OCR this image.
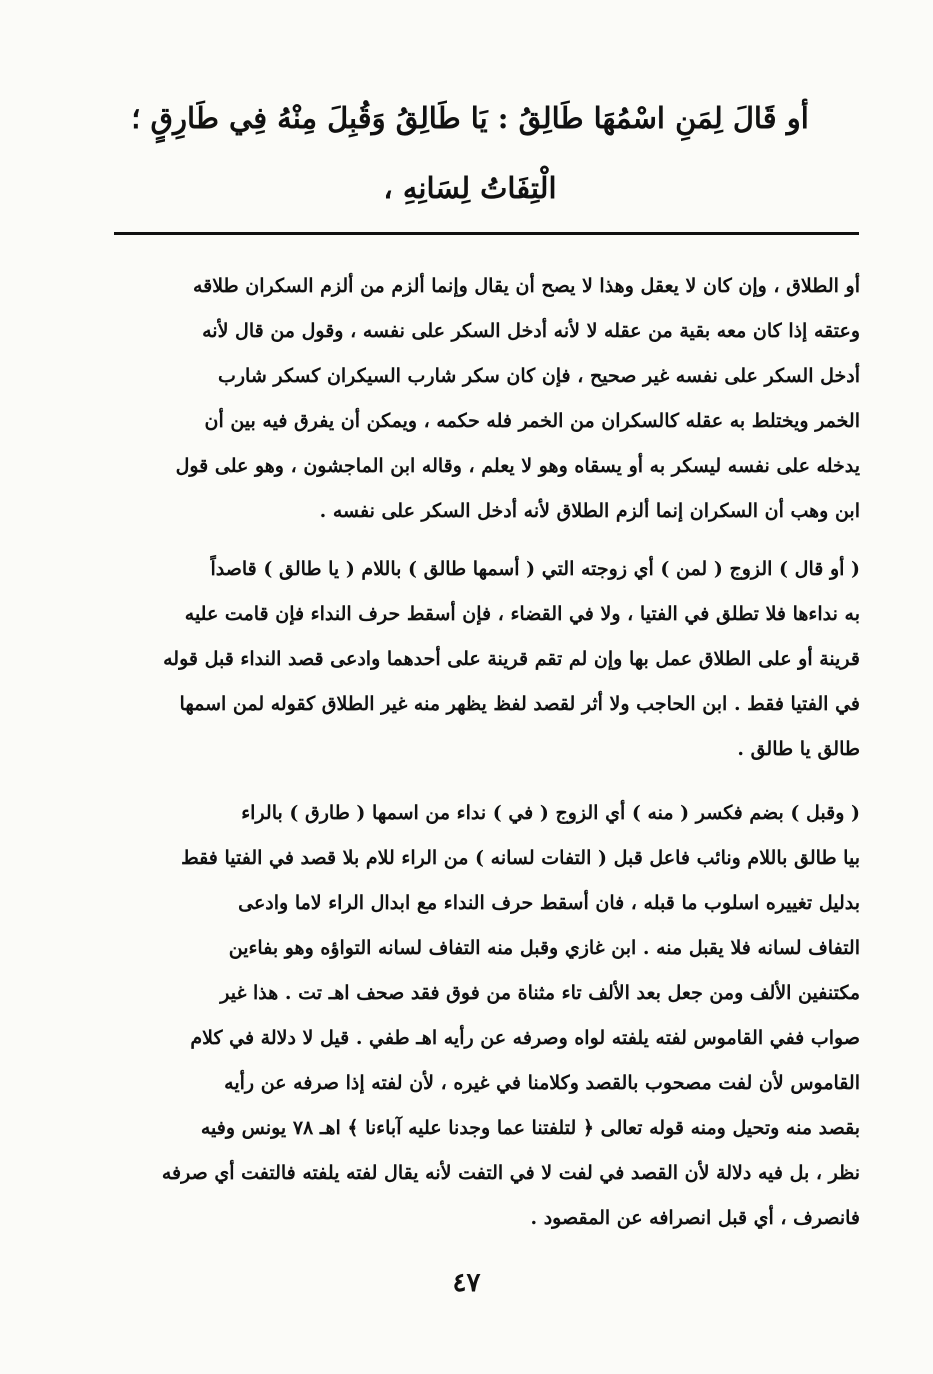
أو قَالَ لِمَنِ اسْمُهَا طَالِقُ : يَا طَالِقُ وَقُبِلَ مِنْهُ فِي طَارِقٍ ؛
الْتِفَاتُ لِسَانِهِ ،
أو الطلاق ، وإن كان لا يعقل وهذا لا يصح أن يقال وإنما ألزم من ألزم السكران طلاقه
وعتقه إذا كان معه بقية من عقله لا لأنه أدخل السكر على نفسه ، وقول من قال لأنه
أدخل السكر على نفسه غير صحيح ، فإن كان سكر شارب السيكران كسكر شارب
الخمر ويختلط به عقله كالسكران من الخمر فله حكمه ، ويمكن أن يفرق فيه بين أن
يدخله على نفسه ليسكر به أو يسقاه وهو لا يعلم ، وقاله ابن الماجشون ، وهو على قول
ابن وهب أن السكران إنما ألزم الطلاق لأنه أدخل السكر على نفسه .
( أو قال ) الزوج ( لمن ) أي زوجته التي ( أسمها طالق ) باللام ( يا طالق ) قاصداً
به نداءها فلا تطلق في الفتيا ، ولا في القضاء ، فإن أسقط حرف النداء فإن قامت عليه
قرينة أو على الطلاق عمل بها وإن لم تقم قرينة على أحدهما وادعى قصد النداء قبل قوله
في الفتيا فقط . ابن الحاجب ولا أثر لقصد لفظ يظهر منه غير الطلاق كقوله لمن اسمها
طالق يا طالق .
( وقبل ) بضم فكسر ( منه ) أي الزوج ( في ) نداء من اسمها ( طارق ) بالراء
بيا طالق باللام ونائب فاعل قبل ( التفات لسانه ) من الراء للام بلا قصد في الفتيا فقط
بدليل تغييره اسلوب ما قبله ، فان أسقط حرف النداء مع ابدال الراء لاما وادعى
التفاف لسانه فلا يقبل منه . ابن غازي وقبل منه التفاف لسانه التواؤه وهو بفاءين
مكتنفين الألف ومن جعل بعد الألف تاء مثناة من فوق فقد صحف اهـ تت . هذا غير
صواب ففي القاموس لفته يلفته لواه وصرفه عن رأيه اهـ طفي . قيل لا دلالة في كلام
القاموس لأن لفت مصحوب بالقصد وكلامنا في غيره ، لأن لفته إذا صرفه عن رأيه
بقصد منه وتحيل ومنه قوله تعالى ﴿ لتلفتنا عما وجدنا عليه آباءنا ﴾ اهـ ٧٨ يونس وفيه
نظر ، بل فيه دلالة لأن القصد في لفت لا في التفت لأنه يقال لفته يلفته فالتفت أي صرفه
فانصرف ، أي قبل انصرافه عن المقصود .
٤٧
